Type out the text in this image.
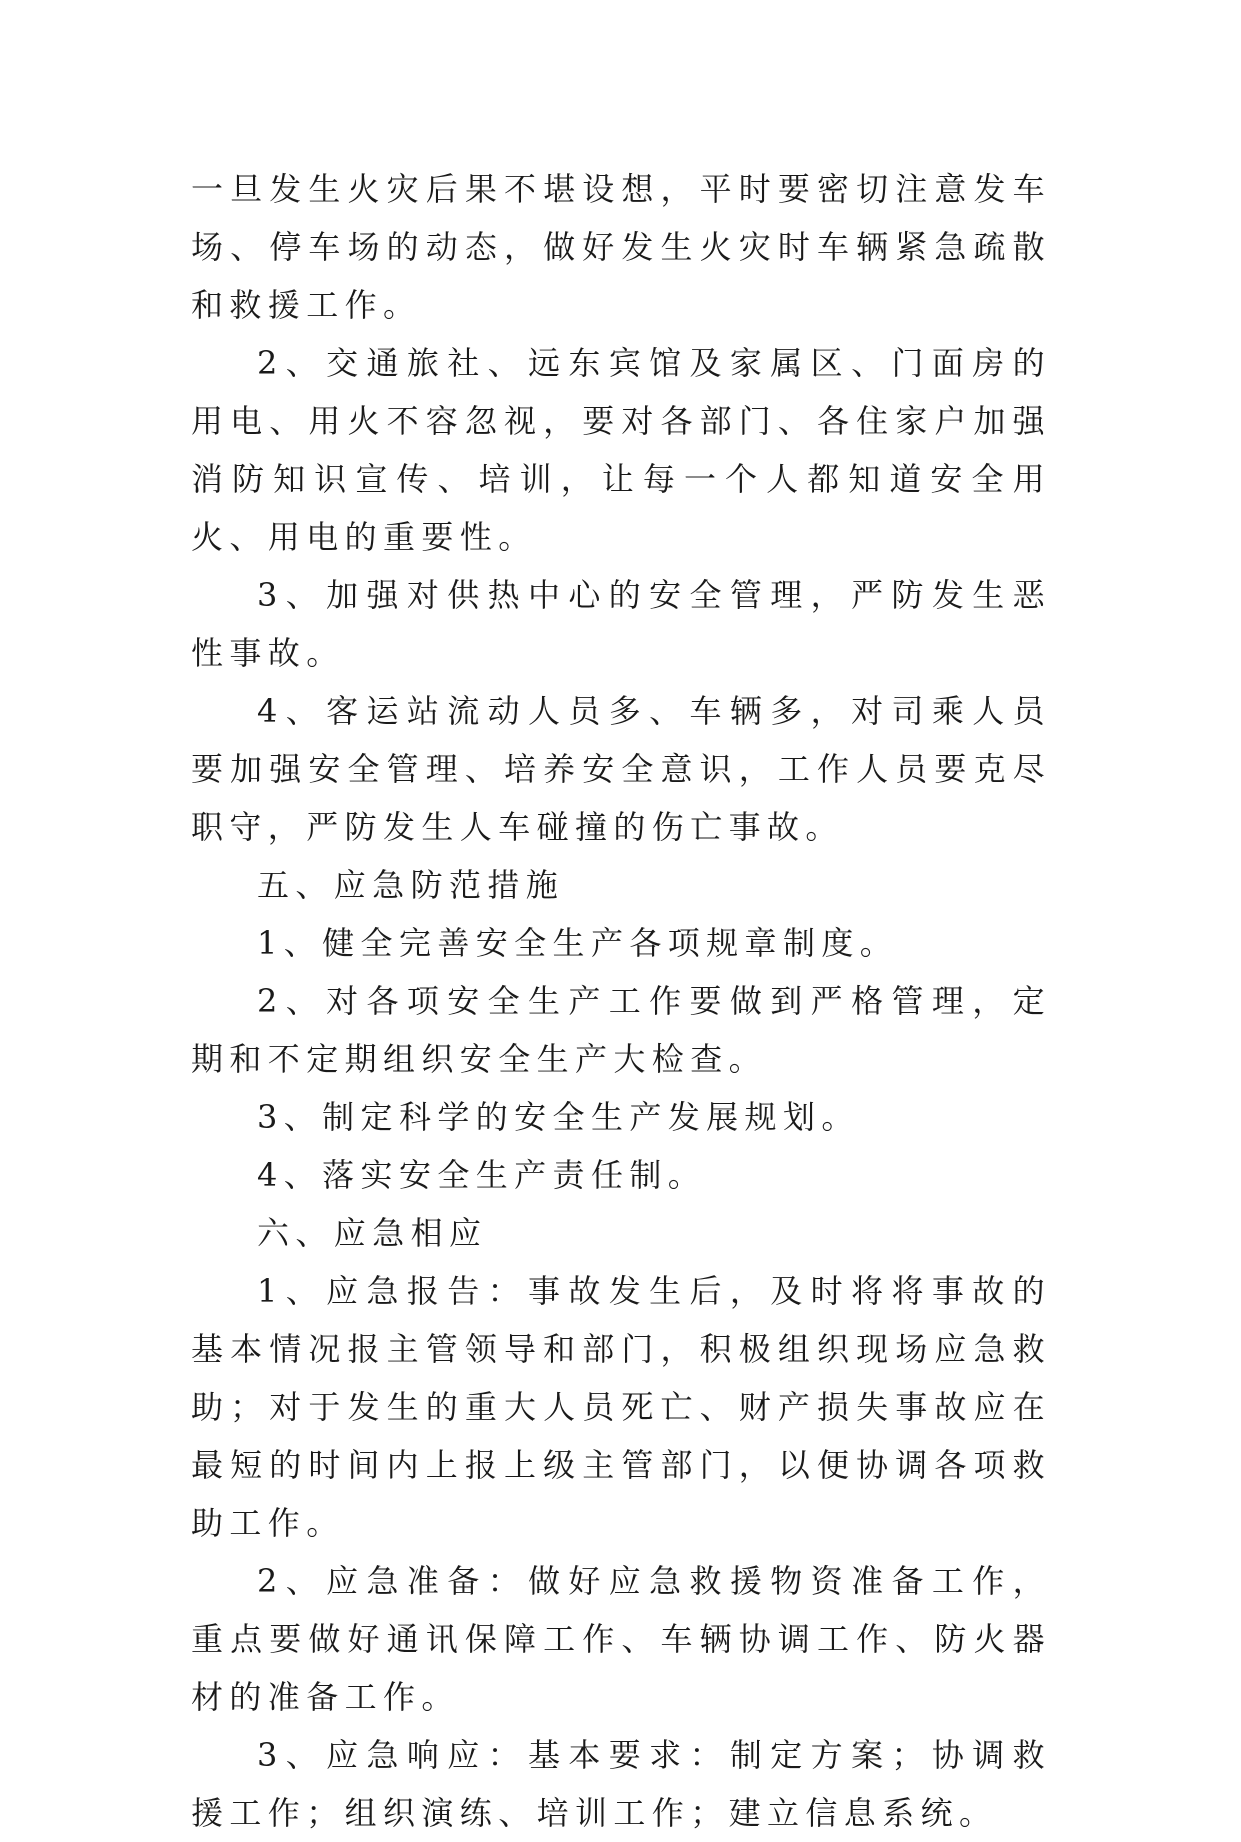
一旦发生火灾后果不堪设想，平时要密切注意发车场、停车场的动态，做好发生火灾时车辆紧急疏散和救援工作。

2、交通旅社、远东宾馆及家属区、门面房的用电、用火不容忽视，要对各部门、各住家户加强消防知识宣传、培训，让每一个人都知道安全用火、用电的重要性。

3、加强对供热中心的安全管理，严防发生恶性事故。

4、客运站流动人员多、车辆多，对司乘人员要加强安全管理、培养安全意识，工作人员要克尽职守，严防发生人车碰撞的伤亡事故。

五、应急防范措施

1、健全完善安全生产各项规章制度。

2、对各项安全生产工作要做到严格管理，定期和不定期组织安全生产大检查。

3、制定科学的安全生产发展规划。

4、落实安全生产责任制。

六、应急相应

1、应急报告：事故发生后，及时将将事故的基本情况报主管领导和部门，积极组织现场应急救助；对于发生的重大人员死亡、财产损失事故应在最短的时间内上报上级主管部门，以便协调各项救助工作。

2、应急准备：做好应急救援物资准备工作，重点要做好通讯保障工作、车辆协调工作、防火器材的准备工作。

3、应急响应：基本要求：制定方案；协调救援工作；组织演练、培训工作；建立信息系统。
